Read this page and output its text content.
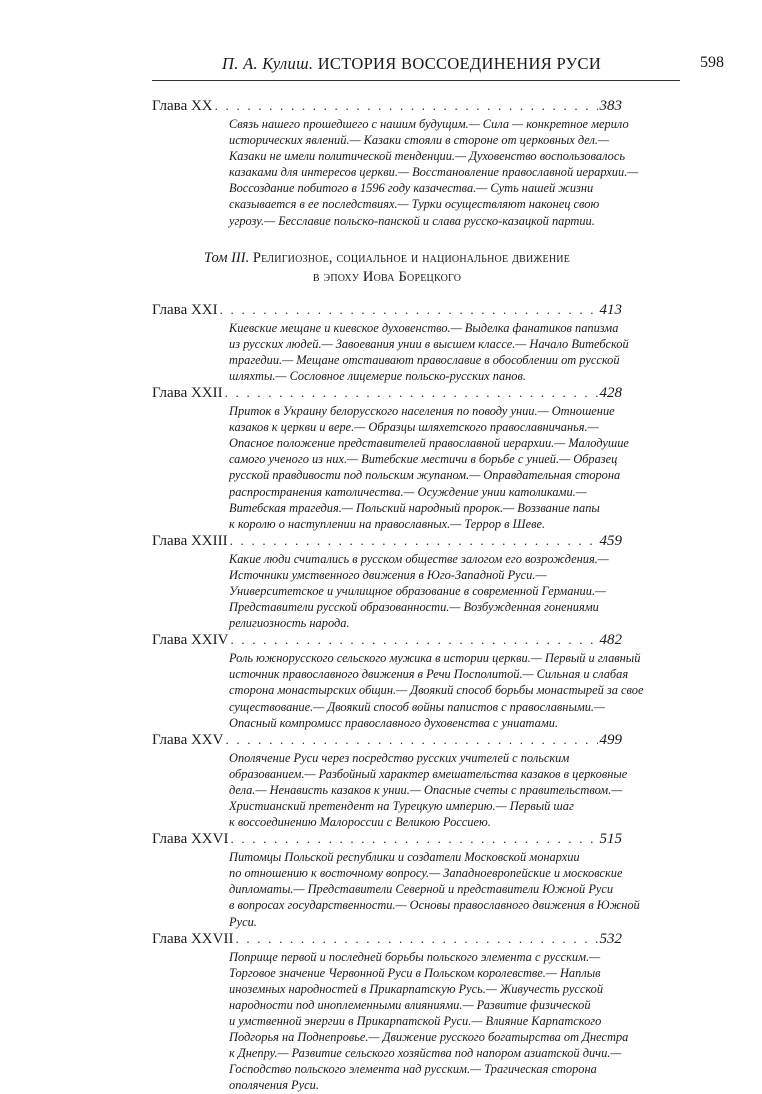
П. А. Кулиш. ИСТОРИЯ ВОССОЕДИНЕНИЯ РУСИ	598
Глава XX . . .	383
Связь нашего прошедшего с нашим будущим.— Сила — конкретное мерило
исторических явлений.— Казаки стояли в стороне от церковных дел.—
Казаки не имели политической тенденции.— Духовенство воспользовалось
казаками для интересов церкви.— Восстановление православной иерархии.—
Воссоздание побитого в 1596 году казачества.— Суть нашей жизни
сказывается в ее последствиях.— Турки осуществляют наконец свою
угрозу.— Бесславие польско-панской и слава русско-казацкой партии.
Том III. Религиозное, социальное и национальное движение
в эпоху Иова Борецкого
Глава XXI . . .	413
Киевские мещане и киевское духовенство.— Выделка фанатиков папизма
из русских людей.— Завоевания унии в высшем классе.— Начало Витебской
трагедии.— Мещане отстаивают православие в обособлении от русской
шляхты.— Сословное лицемерие польско-русских панов.
Глава XXII . . .	428
Приток в Украину белорусского населения по поводу унии.— Отношение
казаков к церкви и вере.— Образцы шляхетского православничанья.—
Опасное положение представителей православной иерархии.— Малодушие
самого ученого из них.— Витебские местичи в борьбе с унией.— Образец
русской правдивости под польским жупаном.— Оправдательная сторона
распространения католичества.— Осуждение унии католиками.—
Витебская трагедия.— Польский народный пророк.— Воззвание папы
к королю о наступлении на православных.— Террор в Шеве.
Глава XXIII . . .	459
Какие люди считались в русском обществе залогом его возрождения.—
Источники умственного движения в Юго-Западной Руси.—
Университетское и училищное образование в современной Германии.—
Представители русской образованности.— Возбужденная гонениями
религиозность народа.
Глава XXIV . . .	482
Роль южнорусского сельского мужика в истории церкви.— Первый и главный
источник православного движения в Речи Посполитой.— Сильная и слабая
сторона монастырских общин.— Двоякий способ борьбы монастырей за свое
существование.— Двоякий способ войны папистов с православными.—
Опасный компромисс православного духовенства с униатами.
Глава XXV . . .	499
Ополячение Руси через посредство русских учителей с польским
образованием.— Разбойный характер вмешательства казаков в церковные
дела.— Ненависть казаков к унии.— Опасные счеты с правительством.—
Христианский претендент на Турецкую империю.— Первый шаг
к воссоединению Малороссии с Великою Россиею.
Глава XXVI . . .	515
Питомцы Польской республики и создатели Московской монархии
по отношению к восточному вопросу.— Западноевропейские и московские
дипломаты.— Представители Северной и представители Южной Руси
в вопросах государственности.— Основы православного движения в Южной
Руси.
Глава XXVII . . .	532
Поприще первой и последней борьбы польского элемента с русским.—
Торговое значение Червонной Руси в Польском королевстве.— Наплыв
иноземных народностей в Прикарпатскую Русь.— Живучесть русской
народности под иноплеменными влияниями.— Развитие физической
и умственной энергии в Прикарпатской Руси.— Влияние Карпатского
Подгорья на Поднепровье.— Движение русского богатырства от Днестра
к Днепру.— Развитие сельского хозяйства под напором азиатской дичи.—
Господство польского элемента над русским.— Трагическая сторона
ополячения Руси.
